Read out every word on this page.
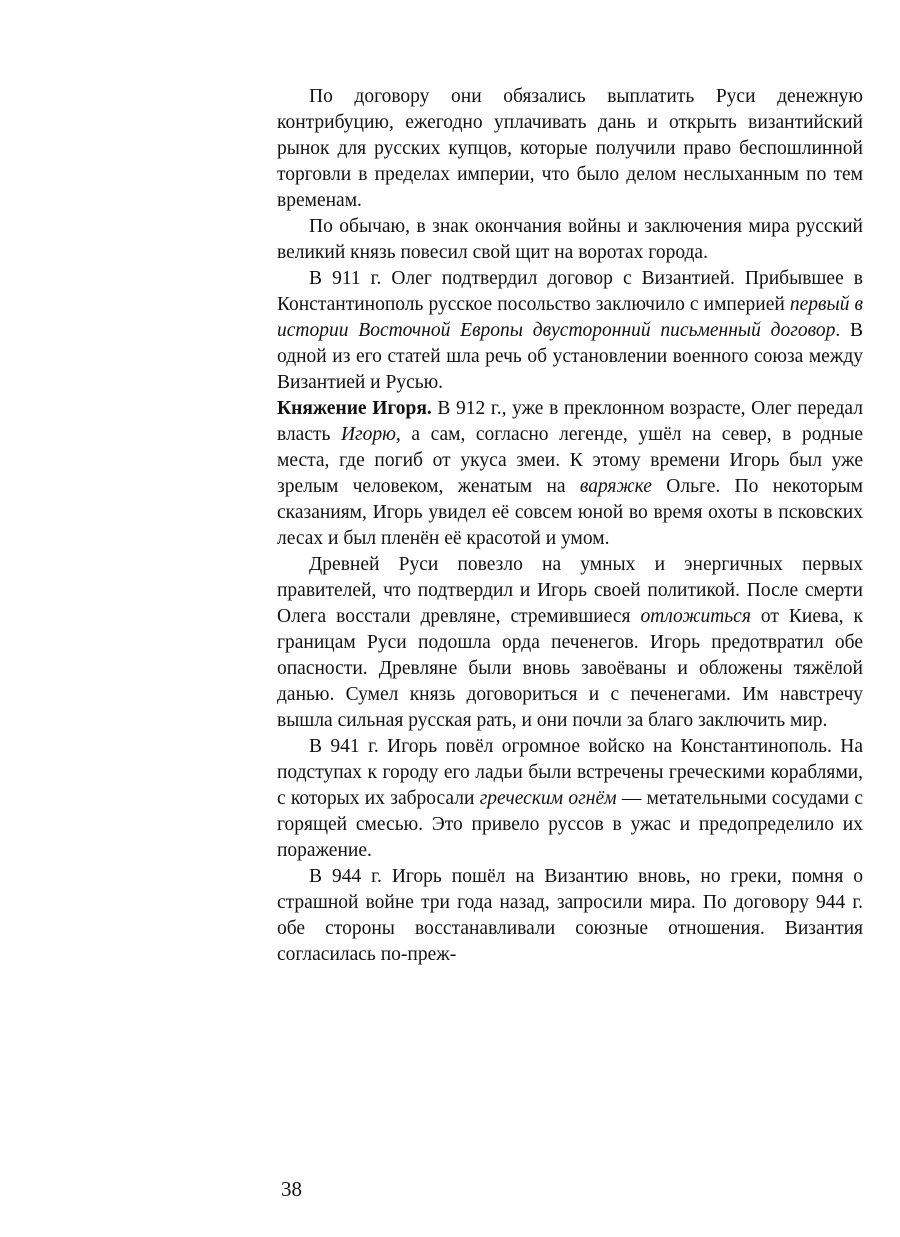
По договору они обязались выплатить Руси денежную контрибуцию, ежегодно уплачивать дань и открыть византийский рынок для русских купцов, которые получили право беспошлинной торговли в пределах империи, что было делом неслыханным по тем временам.

По обычаю, в знак окончания войны и заключения мира русский великий князь повесил свой щит на воротах города.

В 911 г. Олег подтвердил договор с Византией. Прибывшее в Константинополь русское посольство заключило с империей первый в истории Восточной Европы двусторонний письменный договор. В одной из его статей шла речь об установлении военного союза между Византией и Русью.

Княжение Игоря. В 912 г., уже в преклонном возрасте, Олег передал власть Игорю, а сам, согласно легенде, ушёл на север, в родные места, где погиб от укуса змеи. К этому времени Игорь был уже зрелым человеком, женатым на варяжке Ольге. По некоторым сказаниям, Игорь увидел её совсем юной во время охоты в псковских лесах и был пленён её красотой и умом.

Древней Руси повезло на умных и энергичных первых правителей, что подтвердил и Игорь своей политикой. После смерти Олега восстали древляне, стремившиеся отложиться от Киева, к границам Руси подошла орда печенегов. Игорь предотвратил обе опасности. Древляне были вновь завоёваны и обложены тяжёлой данью. Сумел князь договориться и с печенегами. Им навстречу вышла сильная русская рать, и они почли за благо заключить мир.

В 941 г. Игорь повёл огромное войско на Константинополь. На подступах к городу его ладьи были встречены греческими кораблями, с которых их забросали греческим огнём — метательными сосудами с горящей смесью. Это привело руссов в ужас и предопределило их поражение.

В 944 г. Игорь пошёл на Византию вновь, но греки, помня о страшной войне три года назад, запросили мира. По договору 944 г. обе стороны восстанавливали союзные отношения. Византия согласилась по-преж-

38
